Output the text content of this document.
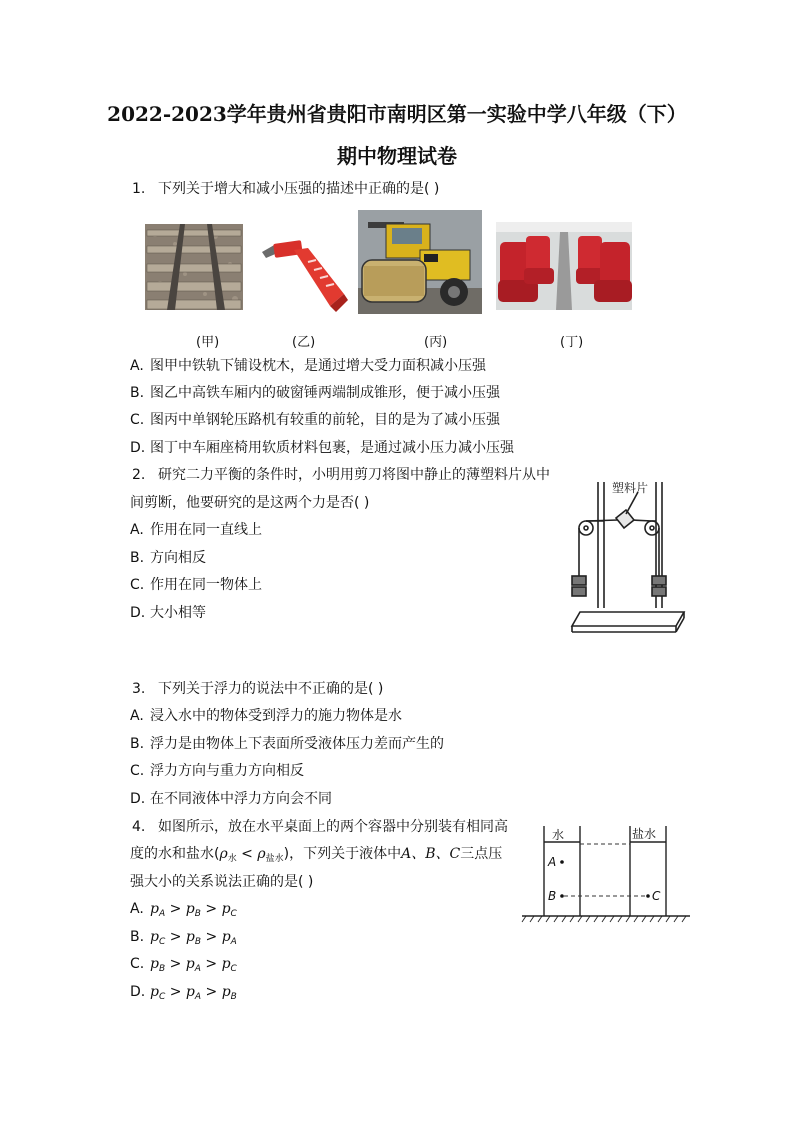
2022-2023学年贵州省贵阳市南明区第一实验中学八年级（下）
期中物理试卷
1. 下列关于增大和减小压强的描述中正确的是( )
(甲)	(乙)	(丙)	(丁)
A. 图甲中铁轨下铺设枕木，是通过增大受力面积减小压强
B. 图乙中高铁车厢内的破窗锤两端制成锥形，便于减小压强
C. 图丙中单钢轮压路机有较重的前轮，目的是为了减小压强
D. 图丁中车厢座椅用软质材料包裹，是通过减小压力减小压强
2. 研究二力平衡的条件时，小明用剪刀将图中静止的薄塑料片从中
间剪断，他要研究的是这两个力是否( )
A. 作用在同一直线上
B. 方向相反
C. 作用在同一物体上
D. 大小相等
塑料片
3. 下列关于浮力的说法中不正确的是( )
A. 浸入水中的物体受到浮力的施力物体是水
B. 浮力是由物体上下表面所受液体压力差而产生的
C. 浮力方向与重力方向相反
D. 在不同液体中浮力方向会不同
4. 如图所示，放在水平桌面上的两个容器中分别装有相同高
度的水和盐水$(\rho_水 < \rho_{盐水})$，下列关于液体中A、B、C三点压
强大小的关系说法正确的是( )
A. $p_A > p_B > p_C$
B. $p_C > p_B > p_A$
C. $p_B > p_A > p_C$
D. $p_C > p_A > p_B$
水	盐水
A
B	C
